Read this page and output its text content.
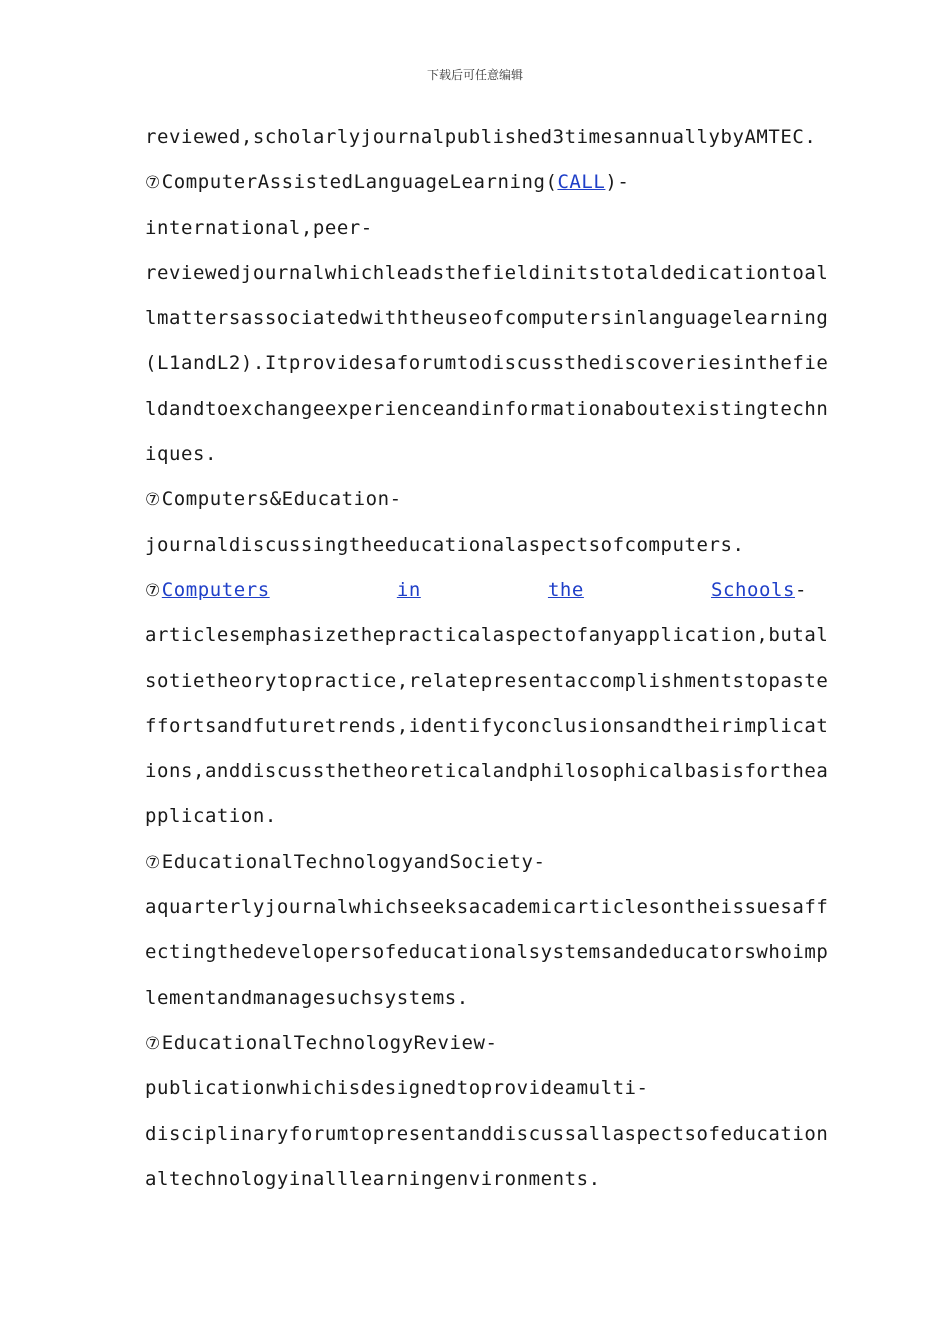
下载后可任意编辑
reviewed,scholarlyjournalpublished3timesannuallybyAMTEC.
⑦ComputerAssistedLanguageLearning(CALL)-
international,peer-
reviewedjournalwhichleadsthefieldinitstotaldedicationtoal
lmattersassociatedwiththeuseofcomputersinlanguagelearning
(L1andL2).Itprovidesaforumtodiscussthediscoveriesinthefie
ldandtoexchangeexperienceandinformationaboutexistingtechn
iques.
⑦Computers&Education-
journaldiscussingtheeducationalaspectsofcomputers.
⑦Computers	in	the	Schools-
articlesemphasizethepracticalaspectofanyapplication,butal
sotietheorytopractice,relatepresentaccomplishmentstopaste
ffortsandfuturetrends,identifyconclusionsandtheirimplicat
ions,anddiscussthetheoreticalandphilosophicalbasisforthea
pplication.
⑦EducationalTechnologyandSociety-
aquarterlyjournalwhichseeksacademicarticlesontheissuesaff
ectingthedevelopersofeducationalsystemsandeducatorswhoimp
lementandmanagesuchsystems.
⑦EducationalTechnologyReview-
publicationwhichisdesignedtoprovideamulti-
disciplinaryforumtopresentanddiscussallaspectsofeducation
altechnologyinalllearningenvironments.
